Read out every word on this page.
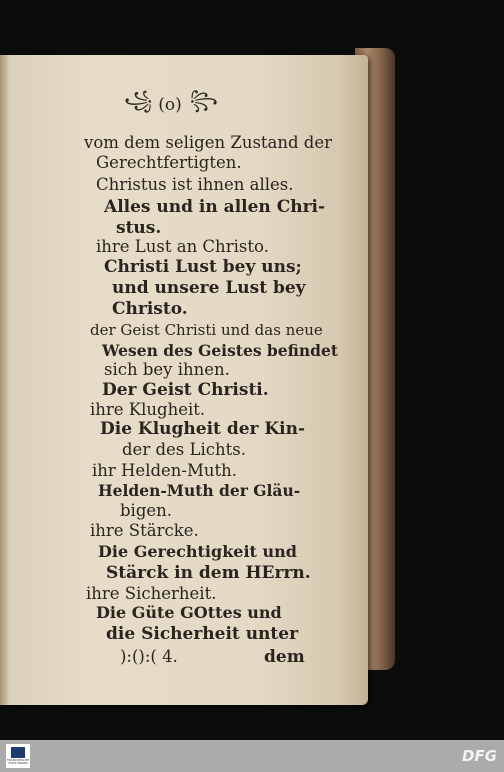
꧁ (o) ꧂
vom dem seligen Zustand der
Gerechtfertigten.
Christus ist ihnen alles.
Alles und in allen Chri-
stus.
ihre Lust an Christo.
Christi Lust bey uns;
und unsere Lust bey
Christo.
der Geist Christi und das neue
Wesen des Geistes befindet
sich bey ihnen.
Der Geist Christi.
ihre Klugheit.
Die Klugheit der Kin-
der des Lichts.
ihr Helden-Muth.
Helden-Muth der Gläu-
bigen.
ihre Stärcke.
Die Gerechtigkeit und
Stärck in dem HErrn.
ihre Sicherheit.
Die Güte GOttes und
die Sicherheit unter
):():( 4.	dem
FRANCKESCHE
STIFTUNGEN	DFG
